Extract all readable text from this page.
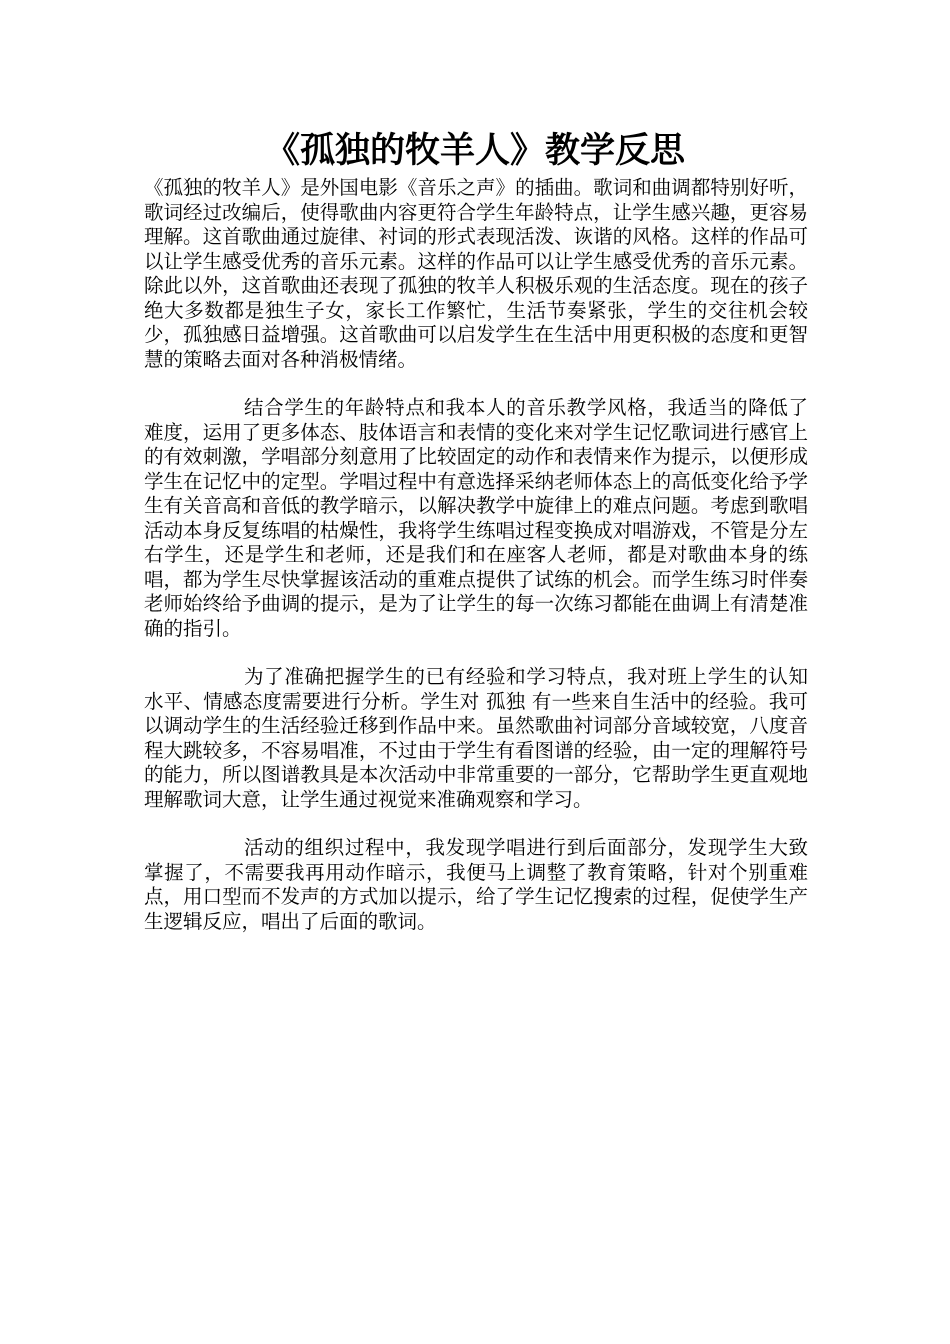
《孤独的牧羊人》教学反思

《孤独的牧羊人》是外国电影《音乐之声》的插曲。歌词和曲调都特别好听，歌词经过改编后，使得歌曲内容更符合学生年龄特点，让学生感兴趣，更容易理解。这首歌曲通过旋律、衬词的形式表现活泼、诙谐的风格。这样的作品可以让学生感受优秀的音乐元素。这样的作品可以让学生感受优秀的音乐元素。除此以外，这首歌曲还表现了孤独的牧羊人积极乐观的生活态度。现在的孩子绝大多数都是独生子女，家长工作繁忙，生活节奏紧张，学生的交往机会较少，孤独感日益增强。这首歌曲可以启发学生在生活中用更积极的态度和更智慧的策略去面对各种消极情绪。

结合学生的年龄特点和我本人的音乐教学风格，我适当的降低了难度，运用了更多体态、肢体语言和表情的变化来对学生记忆歌词进行感官上的有效刺激，学唱部分刻意用了比较固定的动作和表情来作为提示，以便形成学生在记忆中的定型。学唱过程中有意选择采纳老师体态上的高低变化给予学生有关音高和音低的教学暗示，以解决教学中旋律上的难点问题。考虑到歌唱活动本身反复练唱的枯燥性，我将学生练唱过程变换成对唱游戏，不管是分左右学生，还是学生和老师，还是我们和在座客人老师，都是对歌曲本身的练唱，都为学生尽快掌握该活动的重难点提供了试练的机会。而学生练习时伴奏老师始终给予曲调的提示，是为了让学生的每一次练习都能在曲调上有清楚准确的指引。

为了准确把握学生的已有经验和学习特点，我对班上学生的认知水平、情感态度需要进行分析。学生对 孤独 有一些来自生活中的经验。我可以调动学生的生活经验迁移到作品中来。虽然歌曲衬词部分音域较宽，八度音程大跳较多，不容易唱准，不过由于学生有看图谱的经验，由一定的理解符号的能力，所以图谱教具是本次活动中非常重要的一部分，它帮助学生更直观地理解歌词大意，让学生通过视觉来准确观察和学习。

活动的组织过程中，我发现学唱进行到后面部分，发现学生大致掌握了，不需要我再用动作暗示，我便马上调整了教育策略，针对个别重难点，用口型而不发声的方式加以提示，给了学生记忆搜索的过程，促使学生产生逻辑反应，唱出了后面的歌词。
